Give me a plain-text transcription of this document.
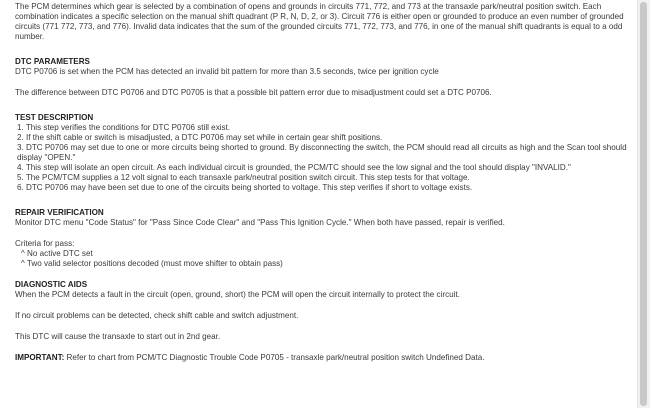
The PCM determines which gear is selected by a combination of opens and grounds in circuits 771, 772, and 773 at the transaxle park/neutral position switch. Each combination indicates a specific selection on the manual shift quadrant (P R, N, D, 2, or 3). Circuit 776 is either open or grounded to produce an even number of grounded circuits (771 772, 773, and 776). Invalid data indicates that the sum of the grounded circuits 771, 772, 773, and 776, in one of the manual shift quadrants is equal to a odd number.

DTC PARAMETERS

DTC P0706 is set when the PCM has detected an invalid bit pattern for more than 3.5 seconds, twice per ignition cycle

The difference between DTC P0706 and DTC P0705 is that a possible bit pattern error due to misadjustment could set a DTC P0706.

TEST DESCRIPTION

1. This step verifies the conditions for DTC P0706 still exist.
2. If the shift cable or switch is misadjusted, a DTC P0706 may set while in certain gear shift positions.
3. DTC P0706 may set due to one or more circuits being shorted to ground. By disconnecting the switch, the PCM should read all circuits as high and the Scan tool should display "OPEN."
4. This step will isolate an open circuit. As each individual circuit is grounded, the PCM/TC should see the low signal and the tool should display "INVALID."
5. The PCM/TCM supplies a 12 volt signal to each transaxle park/neutral position switch circuit. This step tests for that voltage.
6. DTC P0706 may have been set due to one of the circuits being shorted to voltage. This step verifies if short to voltage exists.

REPAIR VERIFICATION

Monitor DTC menu "Code Status" for "Pass Since Code Clear" and "Pass This Ignition Cycle." When both have passed, repair is verified.

Criteria for pass:

^ No active DTC set
^ Two valid selector positions decoded (must move shifter to obtain pass)

DIAGNOSTIC AIDS

When the PCM detects a fault in the circuit (open, ground, short) the PCM will open the circuit internally to protect the circuit.

If no circuit problems can be detected, check shift cable and switch adjustment.

This DTC will cause the transaxle to start out in 2nd gear.

IMPORTANT: Refer to chart from PCM/TC Diagnostic Trouble Code P0705 - transaxle park/neutral position switch Undefined Data.
